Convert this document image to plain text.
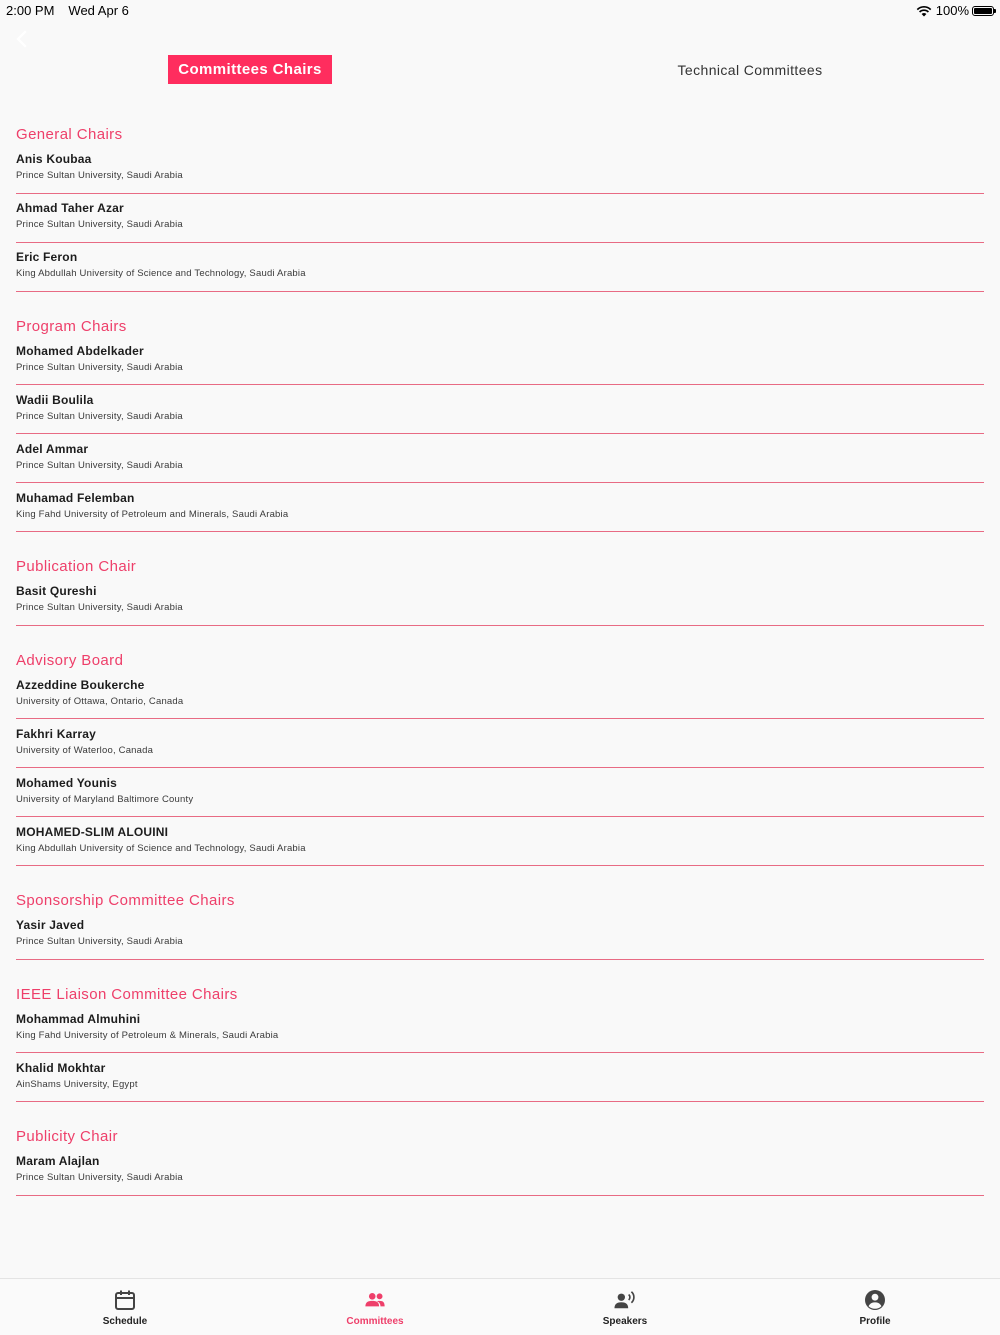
2:00 PM Wed Apr 6	100%
Committees Chairs	Technical Committees
General Chairs
Anis Koubaa
Prince Sultan University, Saudi Arabia
Ahmad Taher Azar
Prince Sultan University, Saudi Arabia
Eric Feron
King Abdullah University of Science and Technology, Saudi Arabia
Program Chairs
Mohamed Abdelkader
Prince Sultan University, Saudi Arabia
Wadii Boulila
Prince Sultan University, Saudi Arabia
Adel Ammar
Prince Sultan University, Saudi Arabia
Muhamad Felemban
King Fahd University of Petroleum and Minerals, Saudi Arabia
Publication Chair
Basit Qureshi
Prince Sultan University, Saudi Arabia
Advisory Board
Azzeddine Boukerche
University of Ottawa, Ontario, Canada
Fakhri Karray
University of Waterloo, Canada
Mohamed Younis
University of Maryland Baltimore County
MOHAMED-SLIM ALOUINI
King Abdullah University of Science and Technology, Saudi Arabia
Sponsorship Committee Chairs
Yasir Javed
Prince Sultan University, Saudi Arabia
IEEE Liaison Committee Chairs
Mohammad Almuhini
King Fahd University of Petroleum & Minerals, Saudi Arabia
Khalid Mokhtar
AinShams University, Egypt
Publicity Chair
Maram Alajlan
Prince Sultan University, Saudi Arabia
Schedule	Committees	Speakers	Profile
